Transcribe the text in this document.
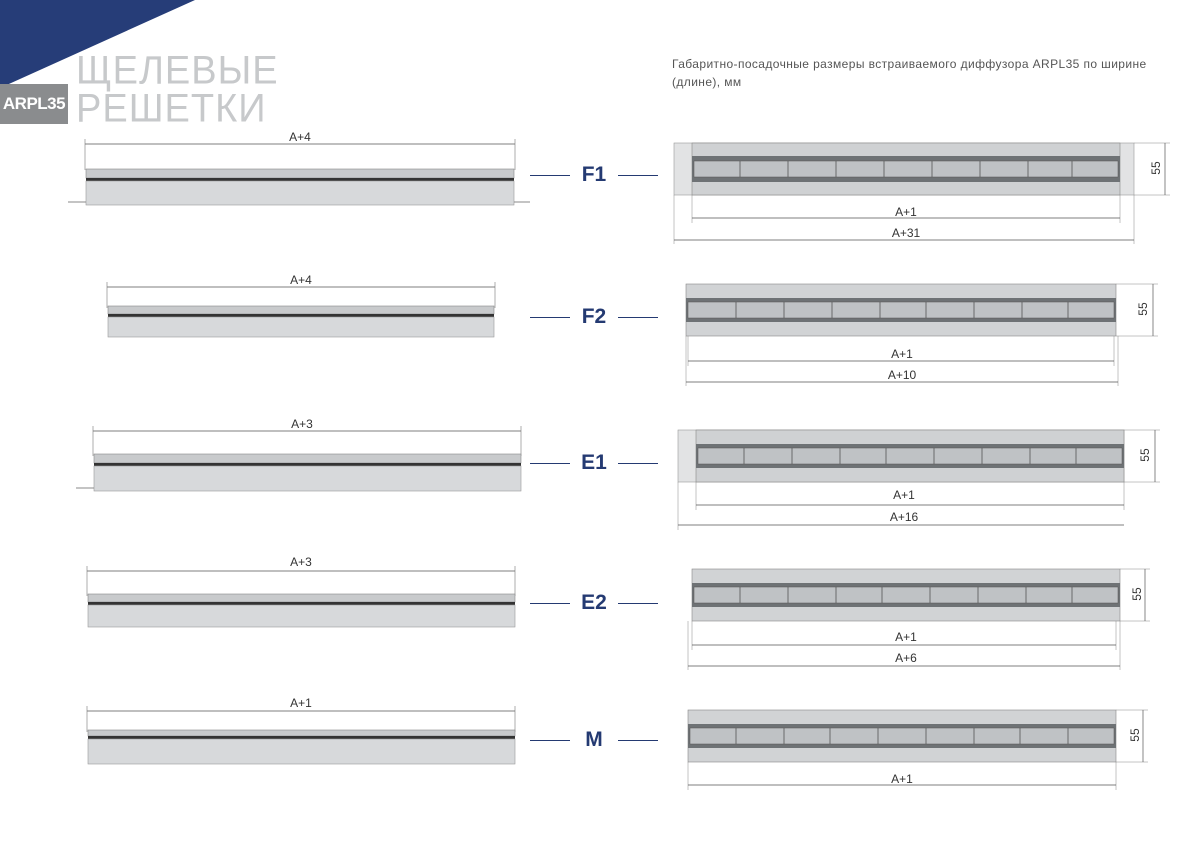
ARPL35
ЩЕЛЕВЫЕ
РЕШЕТКИ
Габаритно-посадочные размеры встраиваемого диффузора ARPL35 по ширине (длине), мм
A+4
F1
A+1
A+31
55
A+4
F2
A+1
A+10
55
A+3
E1
A+1
A+16
55
A+3
E2
A+1
A+6
55
A+1
M
A+1
55
